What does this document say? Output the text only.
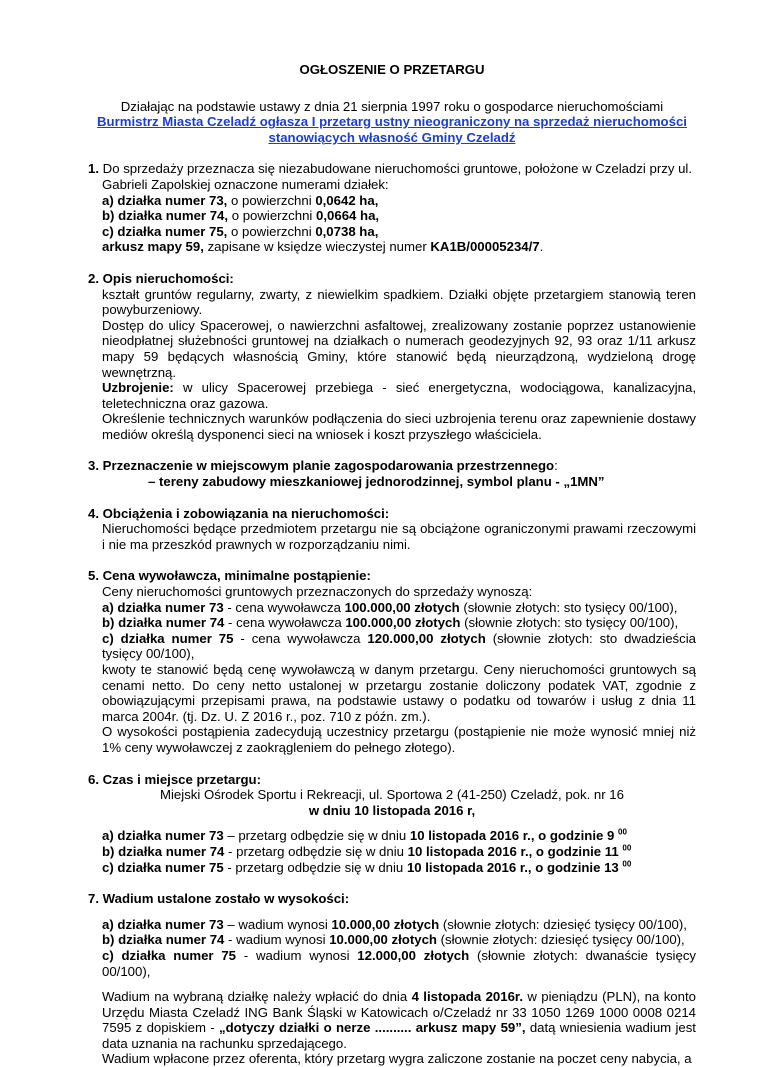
OGŁOSZENIE O PRZETARGU
Działając na podstawie ustawy z dnia 21 sierpnia 1997 roku o gospodarce nieruchomościami
Burmistrz Miasta Czeladź ogłasza I przetarg ustny nieograniczony na sprzedaż nieruchomości
stanowiących własność Gminy Czeladź
1. Do sprzedaży przeznacza się niezabudowane nieruchomości gruntowe, położone w Czeladzi przy ul.
Gabrieli Zapolskiej oznaczone numerami działek:
a) działka numer 73, o powierzchni 0,0642 ha,
b) działka numer 74, o powierzchni 0,0664 ha,
c) działka numer 75, o powierzchni 0,0738 ha,
arkusz mapy 59, zapisane w księdze wieczystej numer KA1B/00005234/7.
2. Opis nieruchomości:
kształt gruntów regularny, zwarty, z niewielkim spadkiem. Działki objęte przetargiem stanowią teren powyburzeniowy.
Dostęp do ulicy Spacerowej, o nawierzchni asfaltowej, zrealizowany zostanie poprzez ustanowienie nieodpłatnej służebności gruntowej na działkach o numerach geodezyjnych 92, 93 oraz 1/11 arkusz mapy 59 będących własnością Gminy, które stanowić będą nieurządzoną, wydzieloną drogę wewnętrzną.
Uzbrojenie: w ulicy Spacerowej przebiega - sieć energetyczna, wodociągowa, kanalizacyjna, teletechniczna oraz gazowa.
Określenie technicznych warunków podłączenia do sieci uzbrojenia terenu oraz zapewnienie dostawy mediów określą dysponenci sieci na wniosek i koszt przyszłego właściciela.
3. Przeznaczenie w miejscowym planie zagospodarowania przestrzennego:
– tereny zabudowy mieszkaniowej jednorodzinnej, symbol planu - „1MN”
4. Obciążenia i zobowiązania na nieruchomości:
Nieruchomości będące przedmiotem przetargu nie są obciążone ograniczonymi prawami rzeczowymi i nie ma przeszkód prawnych w rozporządzaniu nimi.
5. Cena wywoławcza, minimalne postąpienie:
Ceny nieruchomości gruntowych przeznaczonych do sprzedaży wynoszą:
a) działka numer 73 - cena wywoławcza 100.000,00 złotych (słownie złotych: sto tysięcy 00/100),
b) działka numer 74 - cena wywoławcza 100.000,00 złotych (słownie złotych: sto tysięcy 00/100),
c) działka numer 75 - cena wywoławcza 120.000,00 złotych (słownie złotych: sto dwadzieścia tysięcy 00/100),
kwoty te stanowić będą cenę wywoławczą w danym przetargu. Ceny nieruchomości gruntowych są cenami netto. Do ceny netto ustalonej w przetargu zostanie doliczony podatek VAT, zgodnie z obowiązującymi przepisami prawa, na podstawie ustawy o podatku od towarów i usług z dnia 11 marca 2004r. (tj. Dz. U. Z 2016 r., poz. 710 z późn. zm.).
O wysokości postąpienia zadecydują uczestnicy przetargu (postąpienie nie może wynosić mniej niż 1% ceny wywoławczej z zaokrągleniem do pełnego złotego).
6. Czas i miejsce przetargu:
Miejski Ośrodek Sportu i Rekreacji, ul. Sportowa 2 (41-250) Czeladź, pok. nr 16
w dniu 10 listopada 2016 r,
a) działka numer 73 – przetarg odbędzie się w dniu 10 listopada 2016 r., o godzinie 9 $^{00}$
b) działka numer 74 - przetarg odbędzie się w dniu 10 listopada 2016 r., o godzinie 11 $^{00}$
c) działka numer 75 - przetarg odbędzie się w dniu 10 listopada 2016 r., o godzinie 13 $^{00}$
7. Wadium ustalone zostało w wysokości:
a) działka numer 73 – wadium wynosi 10.000,00 złotych (słownie złotych: dziesięć tysięcy 00/100),
b) działka numer 74 - wadium wynosi 10.000,00 złotych (słownie złotych: dziesięć tysięcy 00/100),
c) działka numer 75 - wadium wynosi 12.000,00 złotych (słownie złotych: dwanaście tysięcy 00/100),
Wadium na wybraną działkę należy wpłacić do dnia 4 listopada 2016r. w pieniądzu (PLN), na konto Urzędu Miasta Czeladź ING Bank Śląski w Katowicach o/Czeladź nr 33 1050 1269 1000 0008 0214 7595 z dopiskiem - „dotyczy działki o nerze .......... arkusz mapy 59”, datą wniesienia wadium jest data uznania na rachunku sprzedającego.
Wadium wpłacone przez oferenta, który przetarg wygra zaliczone zostanie na poczet ceny nabycia, a
